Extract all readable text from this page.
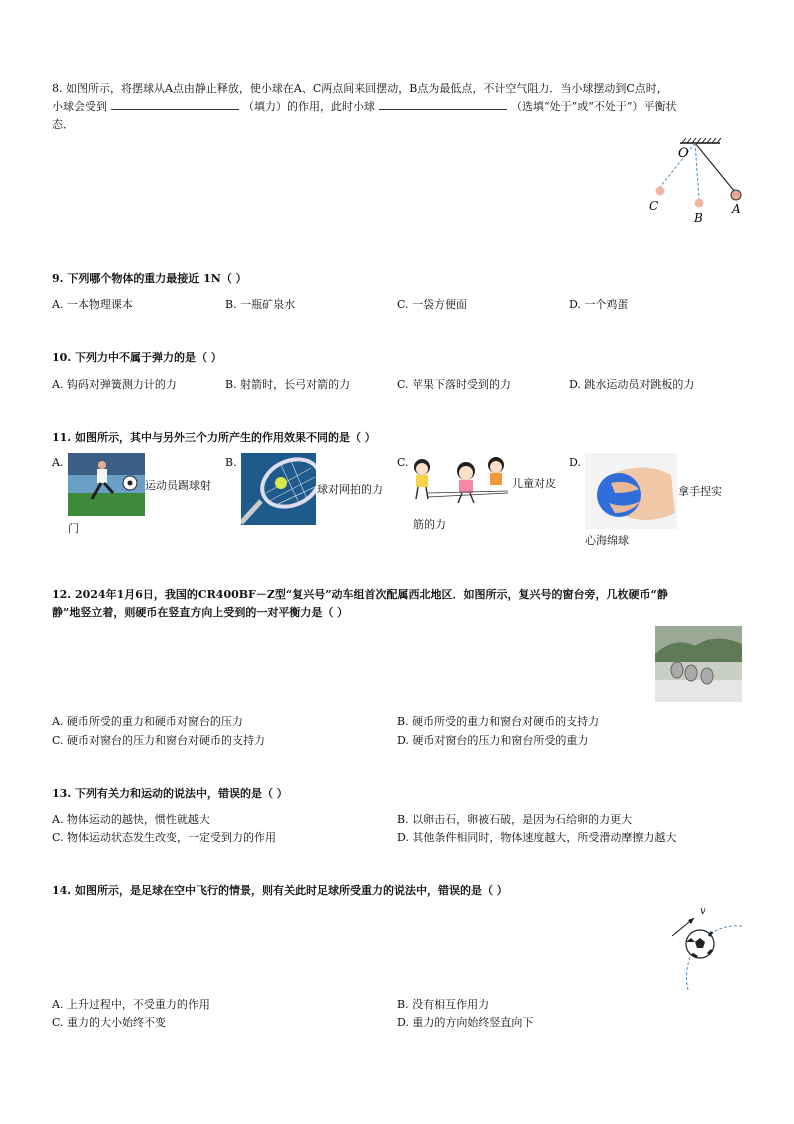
8. 如图所示，将摆球从A点由静止释放，使小球在A、C两点间来回摆动，B点为最低点，不计空气阻力．当小球摆动到C点时，
小球会受到	（填力）的作用，此时小球	（选填“处于”或“不处于”）平衡状
态．
O
A
B
C
9. 下列哪个物体的重力最接近 1N（ ）
A. 一本物理课本	B. 一瓶矿泉水	C. 一袋方便面	D. 一个鸡蛋
10. 下列力中不属于弹力的是（ ）
A. 钩码对弹簧测力计的力	B. 射箭时，长弓对箭的力	C. 苹果下落时受到的力	D. 跳水运动员对跳板的力
11. 如图所示，其中与另外三个力所产生的作用效果不同的是（ ）
A.
运动员踢球射
门
B.
球对网拍的力
C.
儿童对皮
筋的力
D.
拿手捏实
心海绵球
12. 2024年1月6日，我国的CR400BF－Z型“复兴号”动车组首次配属西北地区．如图所示，复兴号的窗台旁，几枚硬币“静
静”地竖立着，则硬币在竖直方向上受到的一对平衡力是（ ）
A. 硬币所受的重力和硬币对窗台的压力	B. 硬币所受的重力和窗台对硬币的支持力
C. 硬币对窗台的压力和窗台对硬币的支持力	D. 硬币对窗台的压力和窗台所受的重力
13. 下列有关力和运动的说法中，错误的是（ ）
A. 物体运动的越快，惯性就越大	B. 以卵击石，卵被石破，是因为石给卵的力更大
C. 物体运动状态发生改变，一定受到力的作用	D. 其他条件相同时，物体速度越大，所受滑动摩擦力越大
14. 如图所示，是足球在空中飞行的情景，则有关此时足球所受重力的说法中，错误的是（ ）
v
A. 上升过程中，不受重力的作用	B. 没有相互作用力
C. 重力的大小始终不变	D. 重力的方向始终竖直向下
